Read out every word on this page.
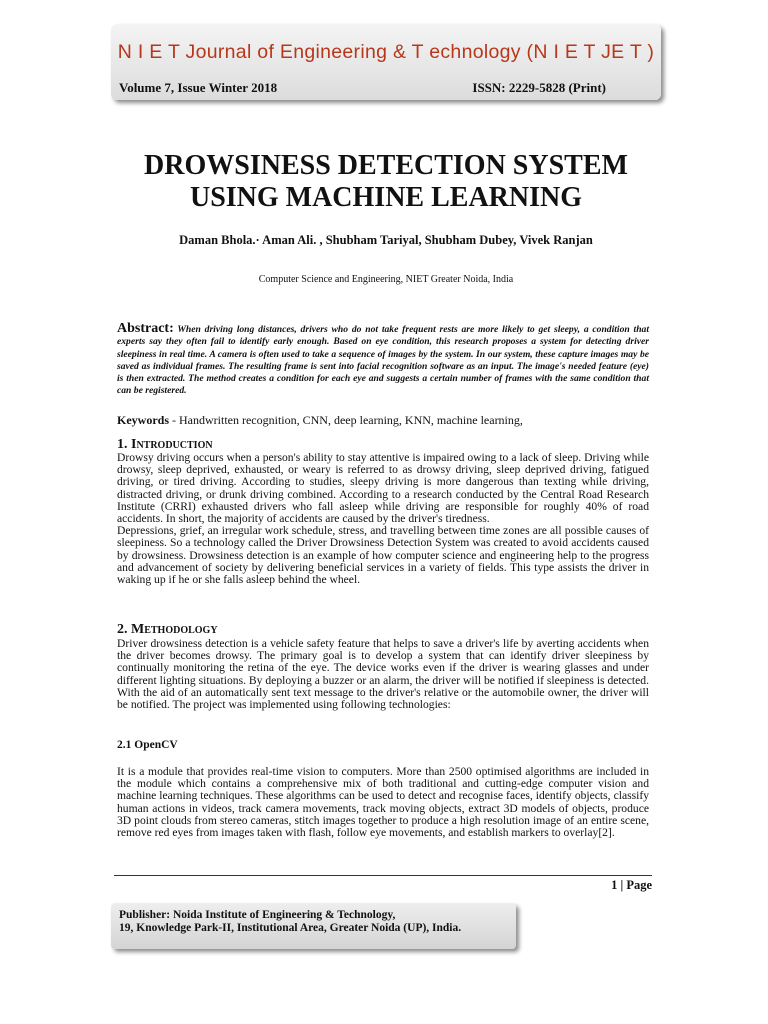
N I E T Journal of Engineering & T echnology (N I E T JE T )
Volume 7, Issue Winter 2018	ISSN: 2229-5828 (Print)
DROWSINESS DETECTION SYSTEM
USING MACHINE LEARNING
Daman Bhola.· Aman Ali. , Shubham Tariyal, Shubham Dubey, Vivek Ranjan
Computer Science and Engineering, NIET Greater Noida, India
Abstract: When driving long distances, drivers who do not take frequent rests are more likely to get sleepy, a condition that experts say they often fail to identify early enough. Based on eye condition, this research proposes a system for detecting driver sleepiness in real time. A camera is often used to take a sequence of images by the system. In our system, these capture images may be saved as individual frames. The resulting frame is sent into facial recognition software as an input. The image's needed feature (eye) is then extracted. The method creates a condition for each eye and suggests a certain number of frames with the same condition that can be registered.
Keywords - Handwritten recognition, CNN, deep learning, KNN, machine learning,
1. Introduction

Drowsy driving occurs when a person's ability to stay attentive is impaired owing to a lack of sleep. Driving while drowsy, sleep deprived, exhausted, or weary is referred to as drowsy driving, sleep deprived driving, fatigued driving, or tired driving. According to studies, sleepy driving is more dangerous than texting while driving, distracted driving, or drunk driving combined. According to a research conducted by the Central Road Research Institute (CRRI) exhausted drivers who fall asleep while driving are responsible for roughly 40% of road accidents. In short, the majority of accidents are caused by the driver's tiredness.

Depressions, grief, an irregular work schedule, stress, and travelling between time zones are all possible causes of sleepiness. So a technology called the Driver Drowsiness Detection System was created to avoid accidents caused by drowsiness. Drowsiness detection is an example of how computer science and engineering help to the progress and advancement of society by delivering beneficial services in a variety of fields. This type assists the driver in waking up if he or she falls asleep behind the wheel.

2. Methodology

Driver drowsiness detection is a vehicle safety feature that helps to save a driver's life by averting accidents when the driver becomes drowsy. The primary goal is to develop a system that can identify driver sleepiness by continually monitoring the retina of the eye. The device works even if the driver is wearing glasses and under different lighting situations. By deploying a buzzer or an alarm, the driver will be notified if sleepiness is detected. With the aid of an automatically sent text message to the driver's relative or the automobile owner, the driver will be notified. The project was implemented using following technologies:

2.1 OpenCV

It is a module that provides real-time vision to computers. More than 2500 optimised algorithms are included in the module which contains a comprehensive mix of both traditional and cutting-edge computer vision and machine learning techniques. These algorithms can be used to detect and recognise faces, identify objects, classify human actions in videos, track camera movements, track moving objects, extract 3D models of objects, produce 3D point clouds from stereo cameras, stitch images together to produce a high resolution image of an entire scene, remove red eyes from images taken with flash, follow eye movements, and establish markers to overlay[2].

1 | Page
Publisher: Noida Institute of Engineering & Technology,
19, Knowledge Park-II, Institutional Area, Greater Noida (UP), India.
